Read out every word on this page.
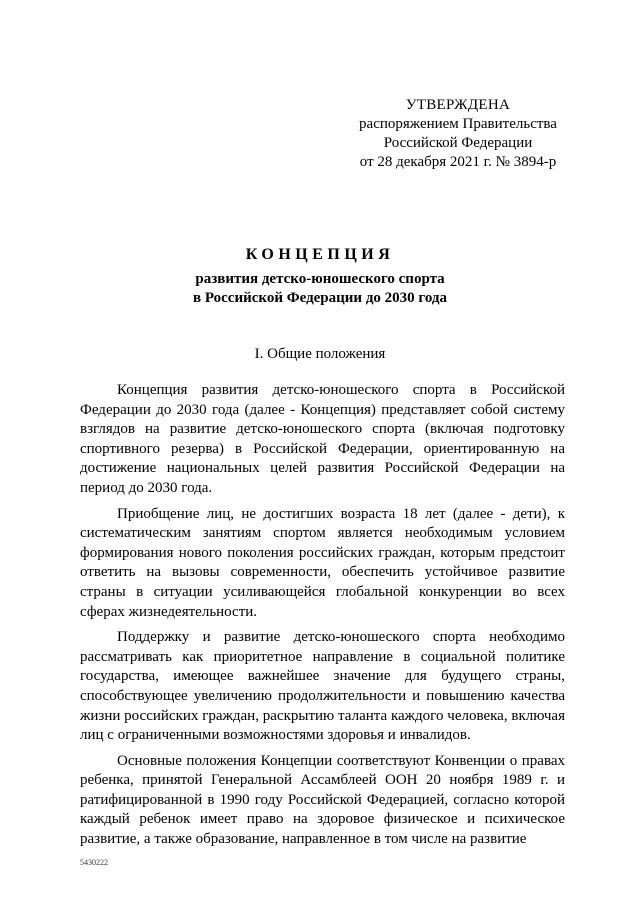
УТВЕРЖДЕНА
распоряжением Правительства
Российской Федерации
от 28 декабря 2021 г. № 3894-р
КОНЦЕПЦИЯ
развития детско-юношеского спорта
в Российской Федерации до 2030 года
I. Общие положения

Концепция развития детско-юношеского спорта в Российской Федерации до 2030 года (далее - Концепция) представляет собой систему взглядов на развитие детско-юношеского спорта (включая подготовку спортивного резерва) в Российской Федерации, ориентированную на достижение национальных целей развития Российской Федерации на период до 2030 года.

Приобщение лиц, не достигших возраста 18 лет (далее - дети), к систематическим занятиям спортом является необходимым условием формирования нового поколения российских граждан, которым предстоит ответить на вызовы современности, обеспечить устойчивое развитие страны в ситуации усиливающейся глобальной конкуренции во всех сферах жизнедеятельности.

Поддержку и развитие детско-юношеского спорта необходимо рассматривать как приоритетное направление в социальной политике государства, имеющее важнейшее значение для будущего страны, способствующее увеличению продолжительности и повышению качества жизни российских граждан, раскрытию таланта каждого человека, включая лиц с ограниченными возможностями здоровья и инвалидов.

Основные положения Концепции соответствуют Конвенции о правах ребенка, принятой Генеральной Ассамблеей ООН 20 ноября 1989 г. и ратифицированной в 1990 году Российской Федерацией, согласно которой каждый ребенок имеет право на здоровое физическое и психическое развитие, а также образование, направленное в том числе на развитие

5430222
